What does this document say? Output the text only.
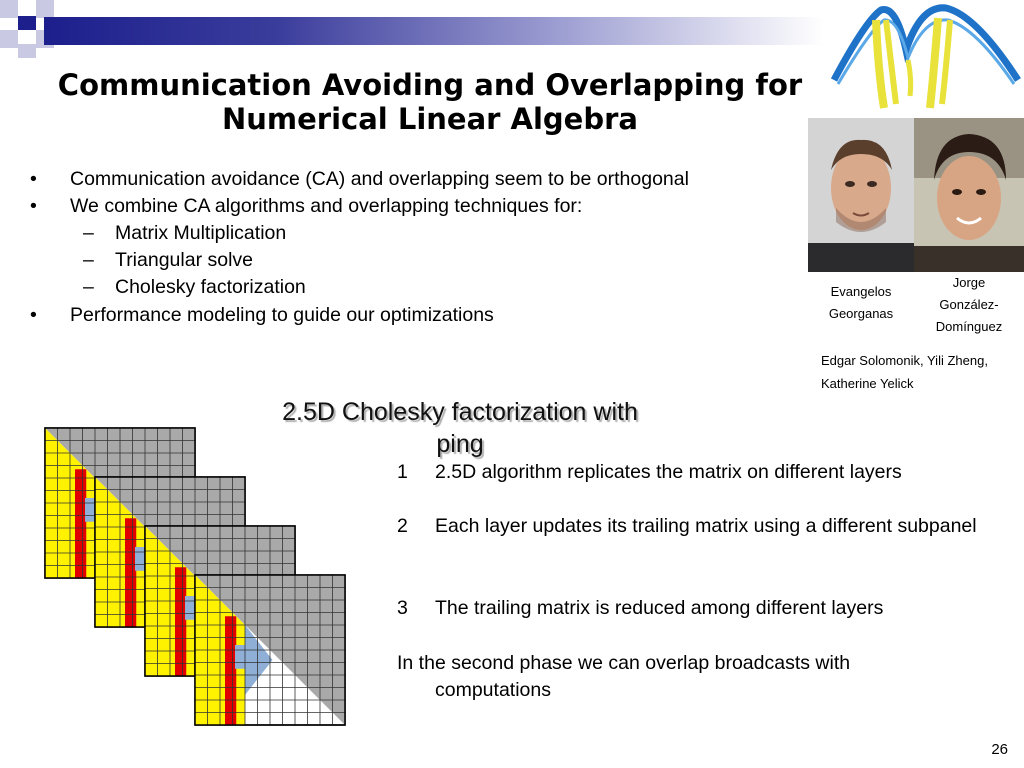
Communication Avoiding and Overlapping for
Numerical Linear Algebra
• Communication avoidance (CA) and overlapping seem to be orthogonal
• We combine CA algorithms and overlapping techniques for:
– Matrix Multiplication
– Triangular solve
– Cholesky factorization
• Performance modeling to guide our optimizations
Evangelos
Georganas
Jorge
González-
Domínguez
Edgar Solomonik, Yili Zheng,
Katherine Yelick
2.5D Cholesky factorization with
ping
1 2.5D algorithm replicates the matrix on different layers
2 Each layer updates its trailing matrix using a different subpanel
3 The trailing matrix is reduced among different layers
In the second phase we can overlap broadcasts with computations
26
